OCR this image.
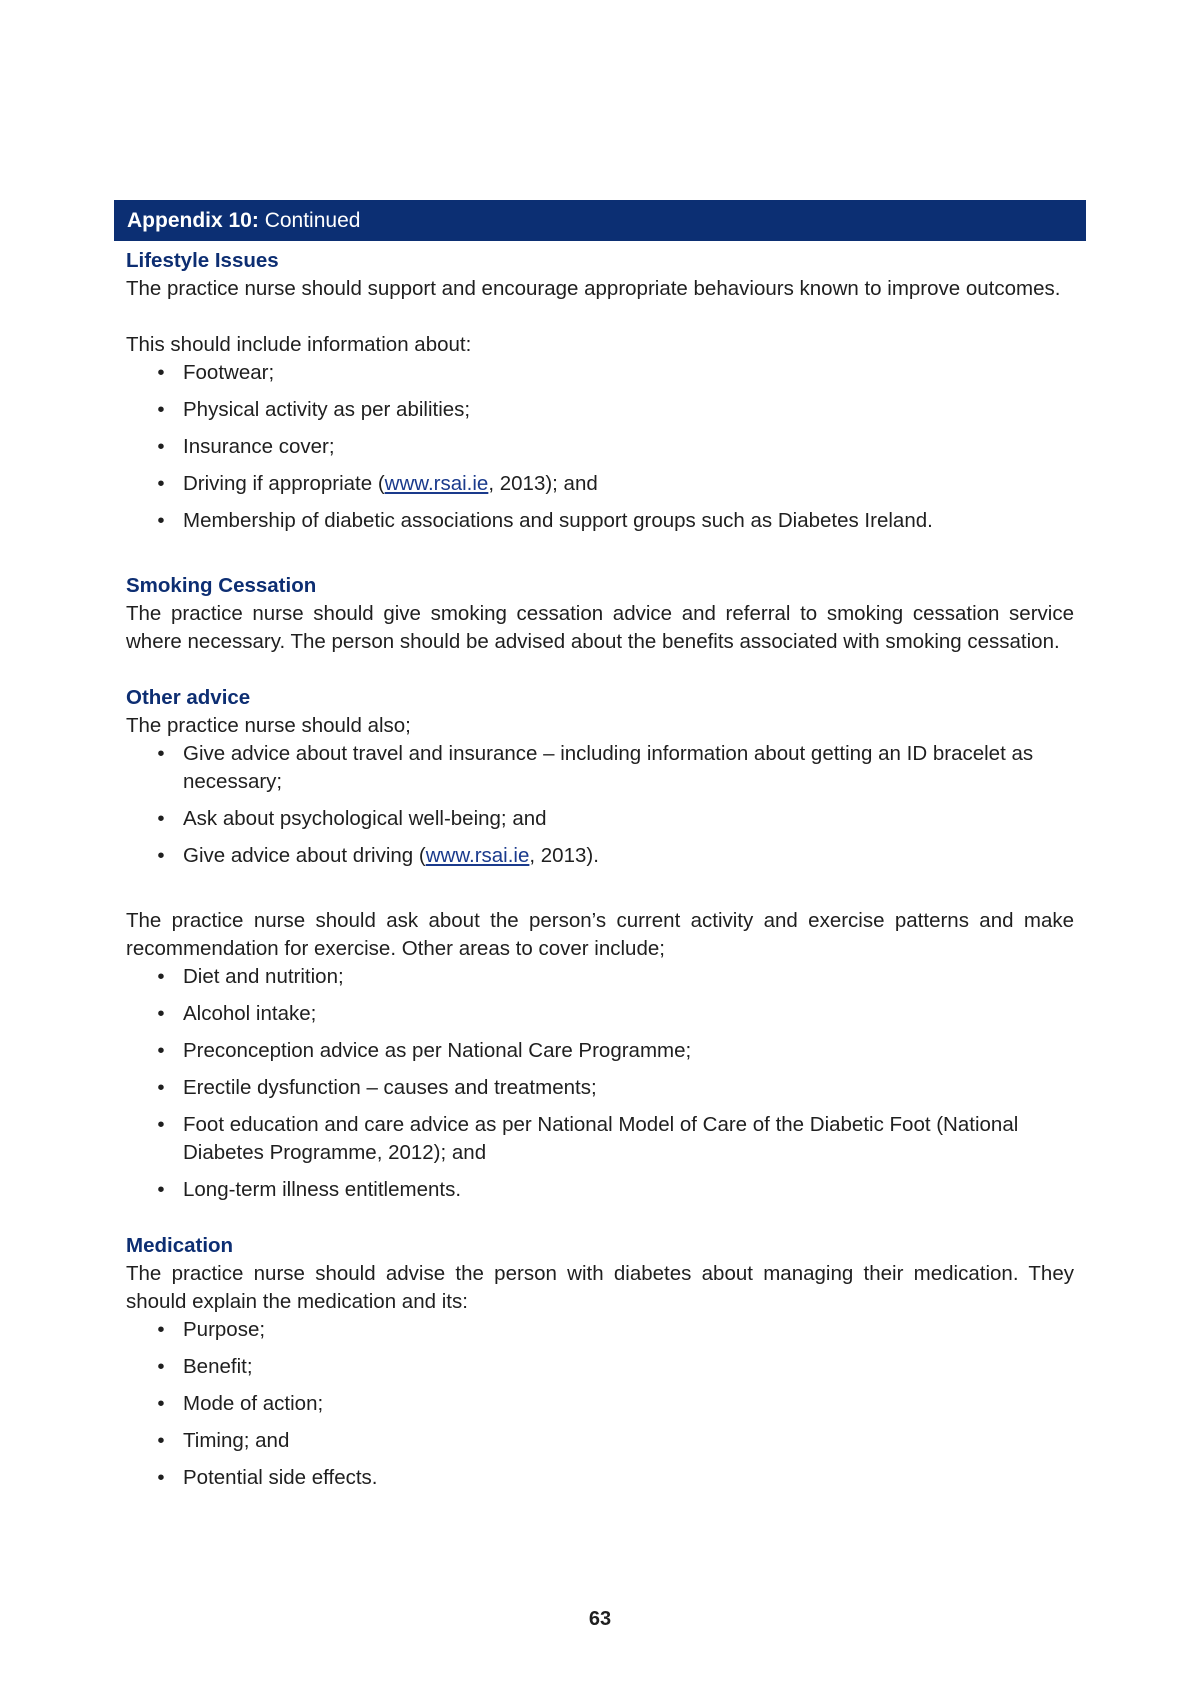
Appendix 10: Continued
Lifestyle Issues

The practice nurse should support and encourage appropriate behaviours known to improve outcomes.

This should include information about:

• Footwear;
• Physical activity as per abilities;
• Insurance cover;
• Driving if appropriate (www.rsai.ie, 2013); and
• Membership of diabetic associations and support groups such as Diabetes Ireland.
Smoking Cessation

The practice nurse should give smoking cessation advice and referral to smoking cessation service where necessary. The person should be advised about the benefits associated with smoking cessation.

Other advice

The practice nurse should also;

• Give advice about travel and insurance – including information about getting an ID bracelet as necessary;
• Ask about psychological well-being; and
• Give advice about driving (www.rsai.ie, 2013).

The practice nurse should ask about the person’s current activity and exercise patterns and make recommendation for exercise. Other areas to cover include;

• Diet and nutrition;
• Alcohol intake;
• Preconception advice as per National Care Programme;
• Erectile dysfunction – causes and treatments;
• Foot education and care advice as per National Model of Care of the Diabetic Foot (National Diabetes Programme, 2012); and
• Long-term illness entitlements.
Medication

The practice nurse should advise the person with diabetes about managing their medication. They should explain the medication and its:

• Purpose;
• Benefit;
• Mode of action;
• Timing; and
• Potential side effects.
63
